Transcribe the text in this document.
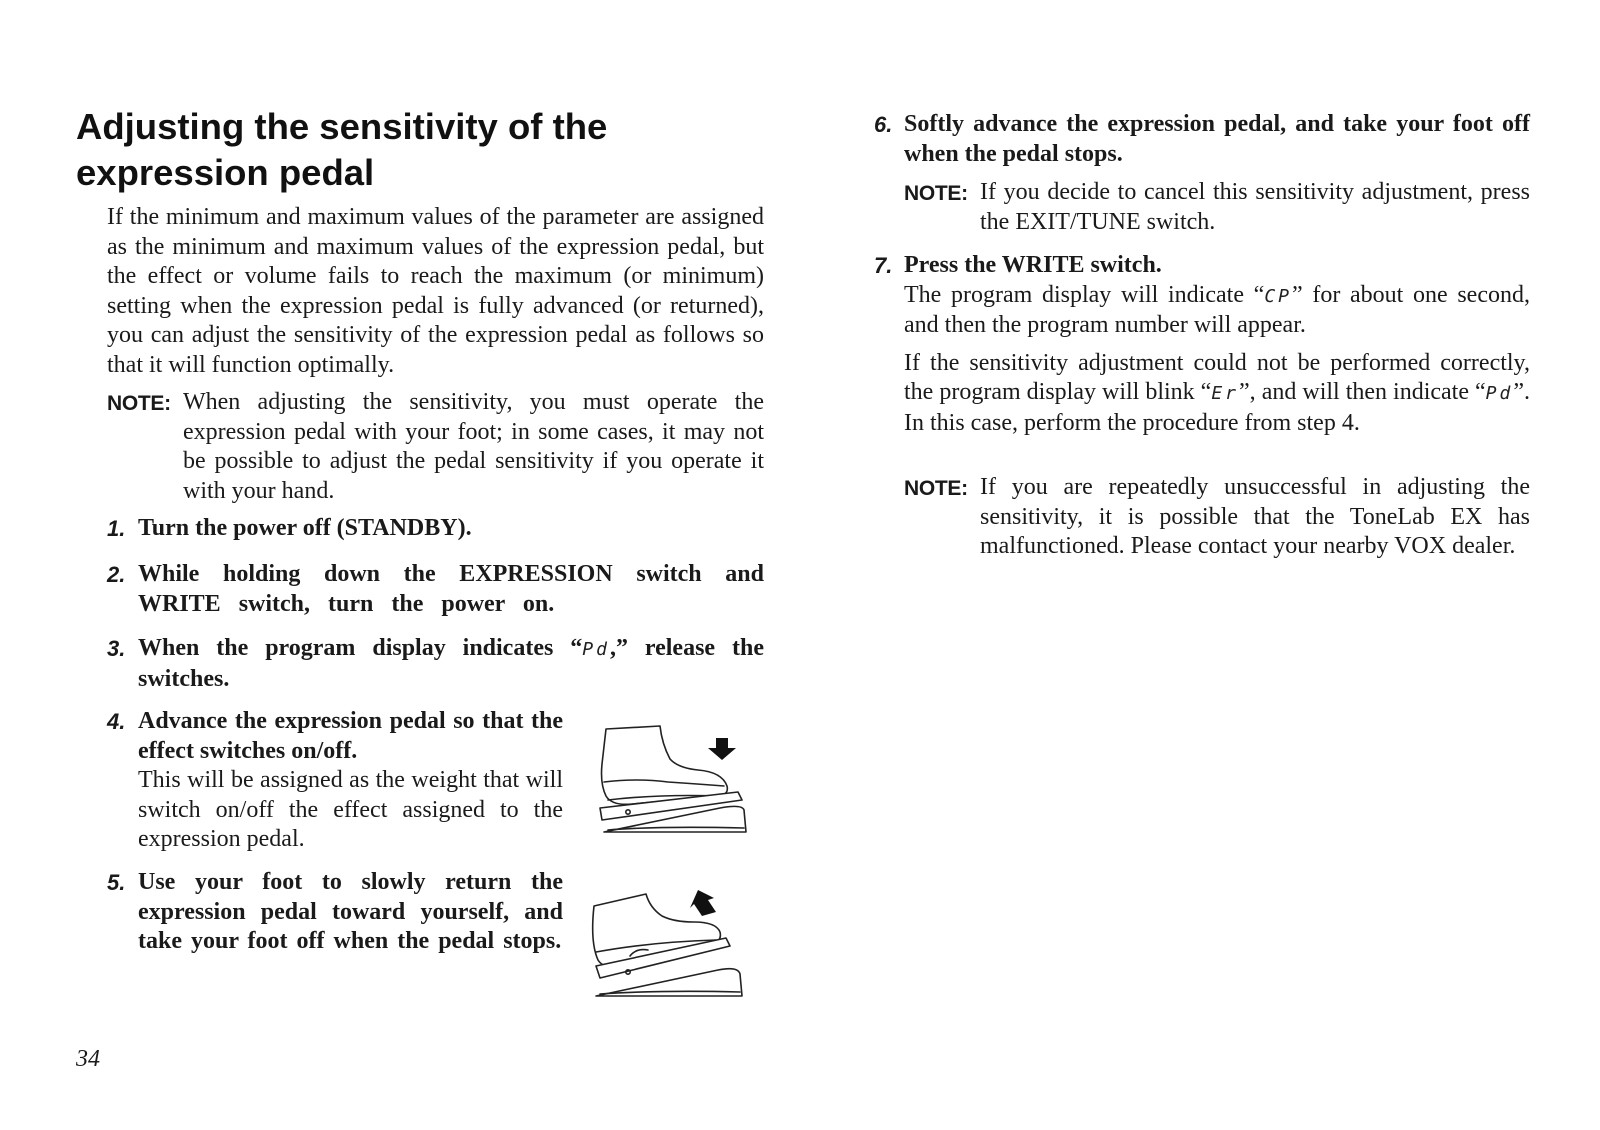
Adjusting the sensitivity of the expression pedal

If the minimum and maximum values of the parameter are assigned as the minimum and maximum values of the expression pedal, but the effect or volume fails to reach the maximum (or minimum) setting when the expression pedal is fully advanced (or returned), you can adjust the sensitivity of the expression pedal as follows so that it will function optimally.

NOTE: When adjusting the sensitivity, you must operate the expression pedal with your foot; in some cases, it may not be possible to adjust the pedal sensitivity if you operate it with your hand.
1. Turn the power off (STANDBY).
2. While holding down the EXPRESSION switch and WRITE switch, turn the power on.
3. When the program display indicates “Pd,” release the switches.
4. Advance the expression pedal so that the effect switches on/off.
This will be assigned as the weight that will switch on/off the effect assigned to the expression pedal.
5. Use your foot to slowly return the expression pedal toward yourself, and take your foot off when the pedal stops.
6. Softly advance the expression pedal, and take your foot off when the pedal stops.
NOTE: If you decide to cancel this sensitivity adjustment, press the EXIT/TUNE switch.
7. Press the WRITE switch.
The program display will indicate “CP” for about one second, and then the program number will appear.
If the sensitivity adjustment could not be performed correctly, the program display will blink “Er”, and will then indicate “Pd”. In this case, perform the procedure from step 4.
NOTE: If you are repeatedly unsuccessful in adjusting the sensitivity, it is possible that the ToneLab EX has malfunctioned. Please contact your nearby VOX dealer.
34
